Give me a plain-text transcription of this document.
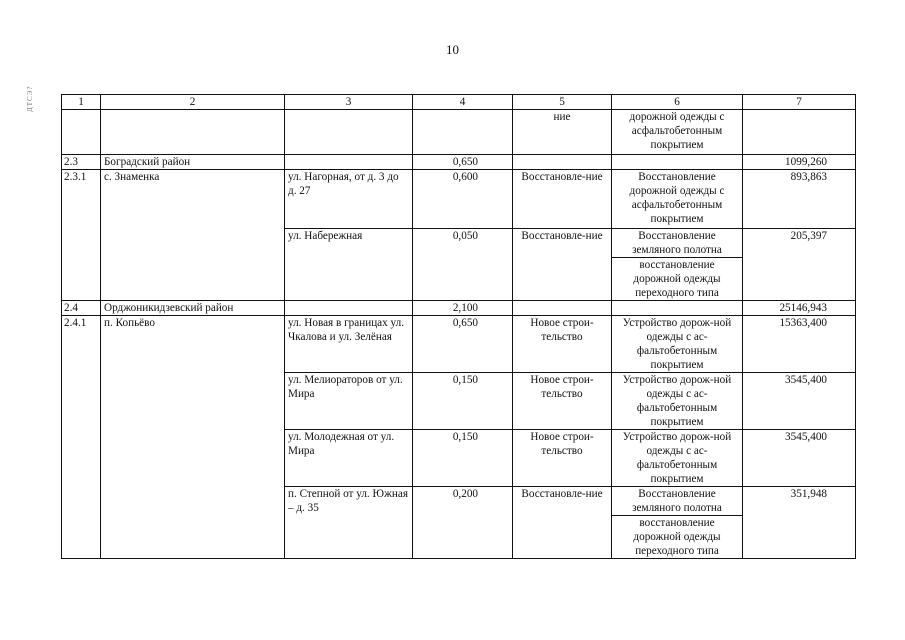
10
ДТСЭ?	1	2	3	4	5	6	7
				ние	дорожной одежды с асфальтобетонным покрытием	
2.3	Боградский район		0,650			1099,260
2.3.1	с. Знаменка	ул. Нагорная, от д. 3 до д. 27	0,600	Восстановле-ние	Восстановление дорожной одежды с асфальтобетонным покрытием	893,863
		ул. Набережная	0,050	Восстановле-ние	Восстановление земляного полотна	205,397
					восстановление дорожной одежды переходного типа	
2.4	Орджоникидзевский район		2,100			25146,943
2.4.1	п. Копьёво	ул. Новая в границах ул. Чкалова и ул. Зелёная	0,650	Новое строи-тельство	Устройство дорож-ной одежды с ас-фальтобетонным покрытием	15363,400
		ул. Мелиораторов от ул. Мира	0,150	Новое строи-тельство	Устройство дорож-ной одежды с ас-фальтобетонным покрытием	3545,400
		ул. Молодежная от ул. Мира	0,150	Новое строи-тельство	Устройство дорож-ной одежды с ас-фальтобетонным покрытием	3545,400
		п. Степной от ул. Южная – д. 35	0,200	Восстановле-ние	Восстановление земляного полотна	351,948
					восстановление дорожной одежды переходного типа	
